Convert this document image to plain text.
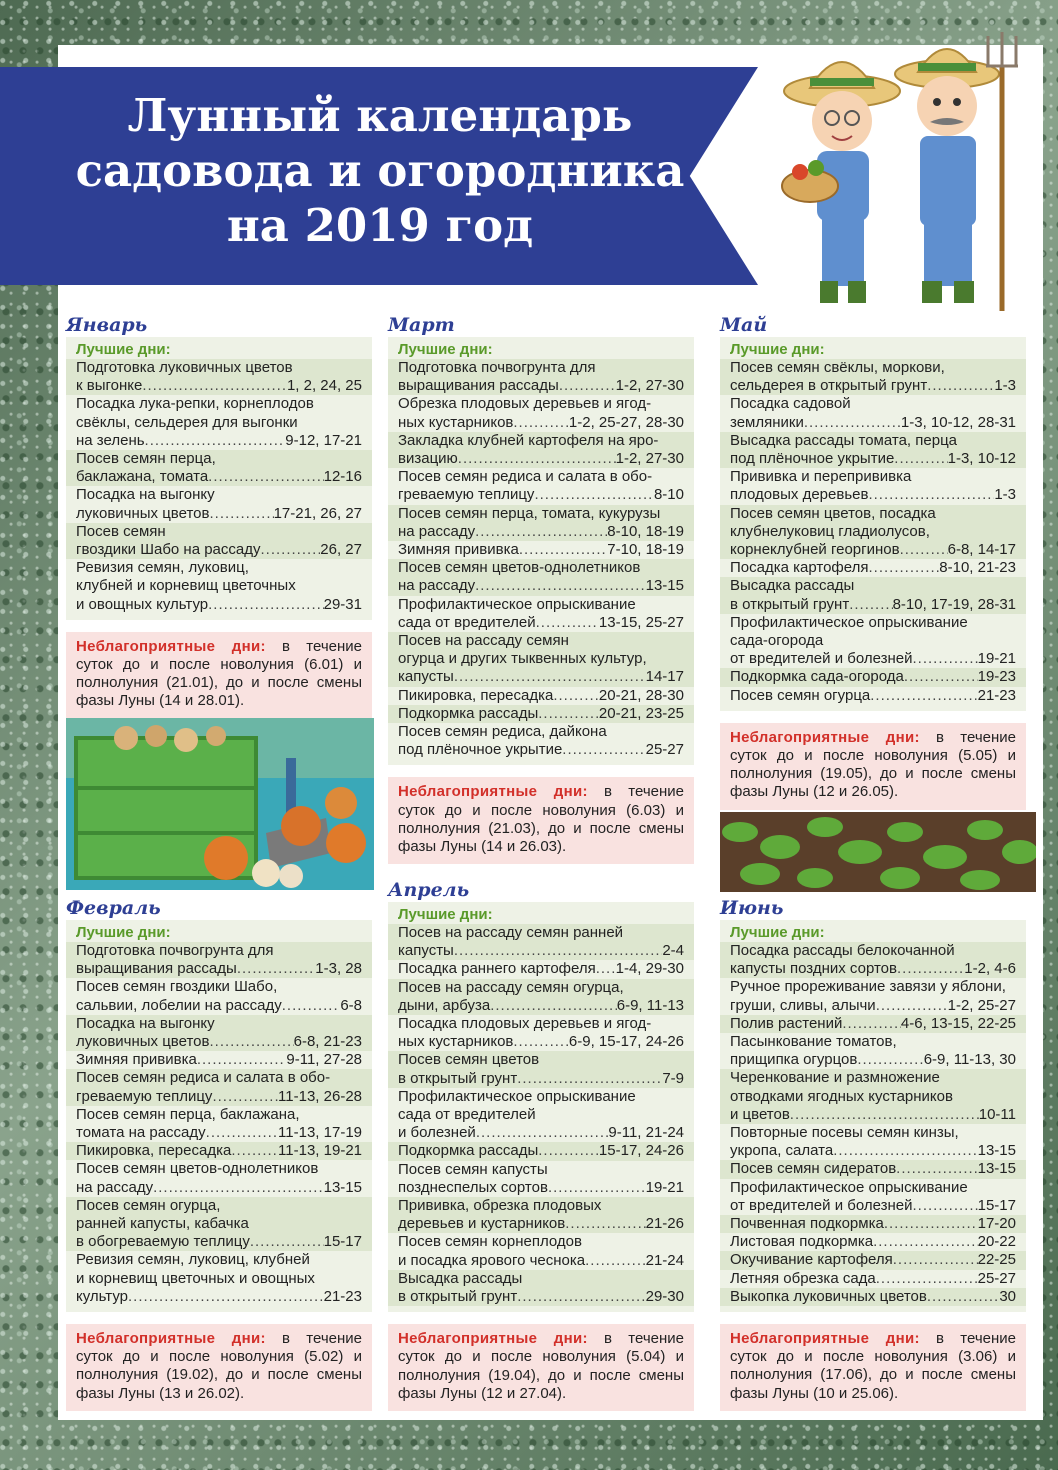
Лунный календарь
садовода и огородника
на 2019 год
Январь
Лучшие дни:
Подготовка луковичных цветов
к выгонке .....	1, 2, 24, 25
Посадка лука-репки, корнеплодов
свёклы, сельдерея для выгонки
на зелень .....	9-12, 17-21
Посев семян перца,
баклажана, томата .....	12-16
Посадка на выгонку
луковичных цветов .....	17-21, 26, 27
Посев семян
гвоздики Шабо на рассаду .....	26, 27
Ревизия семян, луковиц,
клубней и корневищ цветочных
и овощных культур .....	29-31
Неблагоприятные дни: в течение суток до и после новолуния (6.01) и полнолуния (21.01), до и после смены фазы Луны (14 и 28.01).
Февраль
Лучшие дни:
Подготовка почвогрунта для
выращивания рассады .....	1-3, 28
Посев семян гвоздики Шабо,
сальвии, лобелии на рассаду .....	6-8
Посадка на выгонку
луковичных цветов .....	6-8, 21-23
Зимняя прививка .....	9-11, 27-28
Посев семян редиса и салата в обо-
греваемую теплицу .....	11-13, 26-28
Посев семян перца, баклажана,
томата на рассаду .....	11-13, 17-19
Пикировка, пересадка .....	11-13, 19-21
Посев семян цветов-однолетников
на рассаду .....	13-15
Посев семян огурца,
ранней капусты, кабачка
в обогреваемую теплицу .....	15-17
Ревизия семян, луковиц, клубней
и корневищ цветочных и овощных
культур .....	21-23
Неблагоприятные дни: в течение суток до и после новолуния (5.02) и полнолуния (19.02), до и после смены фазы Луны (13 и 26.02).
Март
Лучшие дни:
Подготовка почвогрунта для
выращивания рассады .....	1-2, 27-30
Обрезка плодовых деревьев и ягод-
ных кустарников .....	1-2, 25-27, 28-30
Закладка клубней картофеля на яро-
визацию .....	1-2, 27-30
Посев семян редиса и салата в обо-
греваемую теплицу .....	8-10
Посев семян перца, томата, кукурузы
на рассаду .....	8-10, 18-19
Зимняя прививка .....	7-10, 18-19
Посев семян цветов-однолетников
на рассаду .....	13-15
Профилактическое опрыскивание
сада от вредителей .....	13-15, 25-27
Посев на рассаду семян
огурца и других тыквенных культур,
капусты .....	14-17
Пикировка, пересадка .....	20-21, 28-30
Подкормка рассады .....	20-21, 23-25
Посев семян редиса, дайкона
под плёночное укрытие .....	25-27
Неблагоприятные дни: в течение суток до и после новолуния (6.03) и полнолуния (21.03), до и после смены фазы Луны (14 и 26.03).
Апрель
Лучшие дни:
Посев на рассаду семян ранней
капусты .....	2-4
Посадка раннего картофеля ..... 1-4, 29-30
Посев на рассаду семян огурца,
дыни, арбуза .....	6-9, 11-13
Посадка плодовых деревьев и ягод-
ных кустарников .....	6-9, 15-17, 24-26
Посев семян цветов
в открытый грунт .....	7-9
Профилактическое опрыскивание
сада от вредителей
и болезней .....	9-11, 21-24
Подкормка рассады .....	15-17, 24-26
Посев семян капусты
позднеспелых сортов .....	19-21
Прививка, обрезка плодовых
деревьев и кустарников .....	21-26
Посев семян корнеплодов
и посадка ярового чеснока .....	21-24
Высадка рассады
в открытый грунт .....	29-30
Неблагоприятные дни: в течение суток до и после новолуния (5.04) и полнолуния (19.04), до и после смены фазы Луны (12 и 27.04).
Май
Лучшие дни:
Посев семян свёклы, моркови,
сельдерея в открытый грунт .....	1-3
Посадка садовой
земляники .....	1-3, 10-12, 28-31
Высадка рассады томата, перца
под плёночное укрытие .....	1-3, 10-12
Прививка и перепрививка
плодовых деревьев .....	1-3
Посев семян цветов, посадка
клубнелуковиц гладиолусов,
корнеклубней георгинов .....	6-8, 14-17
Посадка картофеля .....	8-10, 21-23
Высадка рассады
в открытый грунт .....	8-10, 17-19, 28-31
Профилактическое опрыскивание
сада-огорода
от вредителей и болезней .....	19-21
Подкормка сада-огорода .....	19-23
Посев семян огурца .....	21-23
Неблагоприятные дни: в течение суток до и после новолуния (5.05) и полнолуния (19.05), до и после смены фазы Луны (12 и 26.05).
Июнь
Лучшие дни:
Посадка рассады белокочанной
капусты поздних сортов .....	1-2, 4-6
Ручное прореживание завязи у яблони,
груши, сливы, алычи .....	1-2, 25-27
Полив растений .....	4-6, 13-15, 22-25
Пасынкование томатов,
прищипка огурцов .....	6-9, 11-13, 30
Черенкование и размножение
отводками ягодных кустарников
и цветов .....	10-11
Повторные посевы семян кинзы,
укропа, салата .....	13-15
Посев семян сидератов .....	13-15
Профилактическое опрыскивание
от вредителей и болезней .....	15-17
Почвенная подкормка .....	17-20
Листовая подкормка .....	20-22
Окучивание картофеля .....	22-25
Летняя обрезка сада .....	25-27
Выкопка луковичных цветов .....	30
Неблагоприятные дни: в течение суток до и после новолуния (3.06) и полнолуния (17.06), до и после смены фазы Луны (10 и 25.06).
